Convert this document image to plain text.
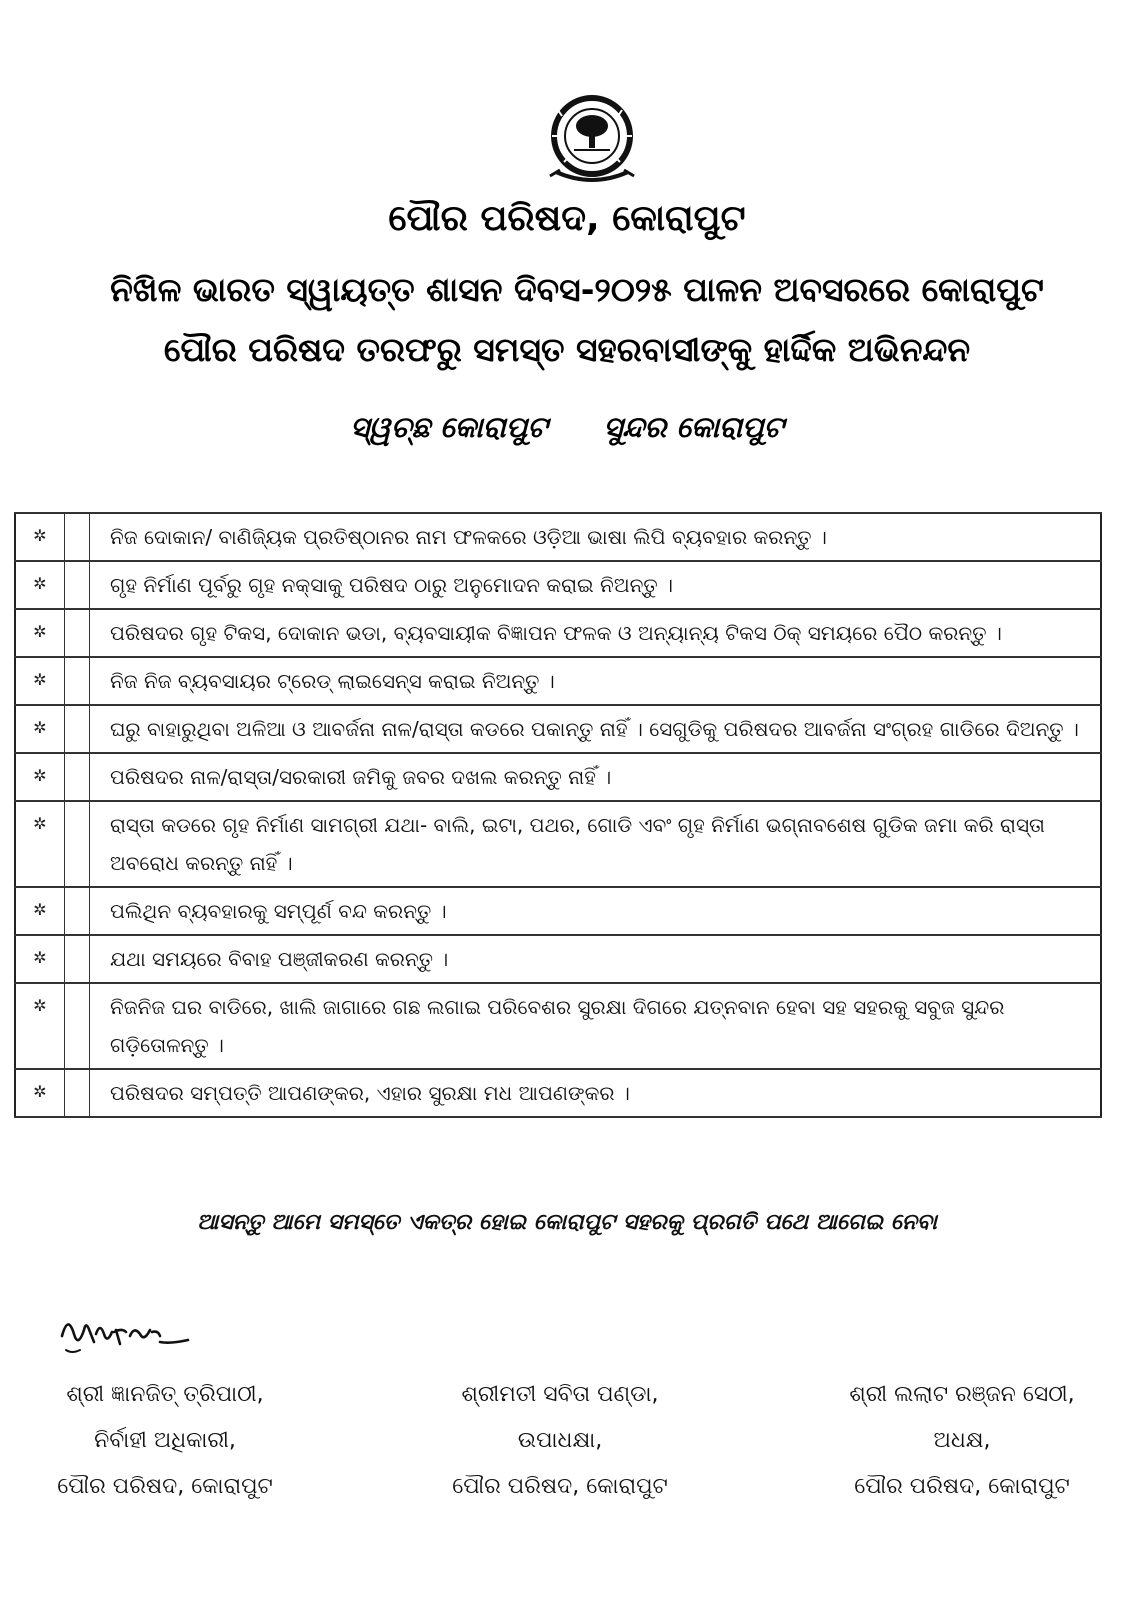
ପୌର ପରିଷଦ, କୋରାପୁଟ
ନିଖିଳ ଭାରତ ସ୍ୱାୟତ୍ତ ଶାସନ ଦିବସ-୨୦୨୫ ପାଳନ ଅବସରରେ କୋରାପୁଟ
ପୌର ପରିଷଦ ତରଫରୁ ସମସ୍ତ ସହରବାସୀଙ୍କୁ ହାର୍ଦ୍ଦିକ ଅଭିନନ୍ଦନ
ସ୍ୱଚ୍ଛ କୋରାପୁଟ ସୁନ୍ଦର କୋରାପୁଟ
✲		ନିଜ ଦୋକାନ/ ବାଣିଜ୍ୟିକ ପ୍ରତିଷ୍ଠାନର ନାମ ଫଳକରେ ଓଡ଼ିଆ ଭାଷା ଲିପି ବ୍ୟବହାର କରନ୍ତୁ ।
✲		ଗୃହ ନିର୍ମାଣ ପୂର୍ବରୁ ଗୃହ ନକ୍ସାକୁ ପରିଷଦ ଠାରୁ ଅନୁମୋଦନ କରାଇ ନିଅନ୍ତୁ ।
✲		ପରିଷଦର ଗୃହ ଟିକସ, ଦୋକାନ ଭଡା, ବ୍ୟବସାୟୀକ ବିଜ୍ଞାପନ ଫଳକ ଓ ଅନ୍ୟାନ୍ୟ ଟିକସ ଠିକ୍ ସମୟରେ ପୈଠ କରନ୍ତୁ ।
✲		ନିଜ ନିଜ ବ୍ୟବସାୟର ଟ୍ରେଡ୍ ଲାଇସେନ୍ସ କରାଇ ନିଅନ୍ତୁ ।
✲		ଘରୁ ବାହାରୁଥିବା ଅଳିଆ ଓ ଆବର୍ଜନା ନାଳ/ରାସ୍ତା କଡରେ ପକାନ୍ତୁ ନାହିଁ । ସେଗୁଡିକୁ ପରିଷଦର ଆବର୍ଜନା ସଂଗ୍ରହ ଗାଡିରେ ଦିଅନ୍ତୁ ।
✲		ପରିଷଦର ନାଳ/ରାସ୍ତା/ସରକାରୀ ଜମିକୁ ଜବର ଦଖଲ କରନ୍ତୁ ନାହିଁ ।
✲		ରାସ୍ତା କଡରେ ଗୃହ ନିର୍ମାଣ ସାମଗ୍ରୀ ଯଥା- ବାଲି, ଇଟା, ପଥର, ଗୋଡି ଏବଂ ଗୃହ ନିର୍ମାଣ ଭଗ୍ନାବଶେଷ ଗୁଡିକ ଜମା କରି ରାସ୍ତା ଅବରୋଧ କରନ୍ତୁ ନାହିଁ ।
✲		ପଲିଥିନ ବ୍ୟବହାରକୁ ସମ୍ପୂର୍ଣ ବନ୍ଦ କରନ୍ତୁ ।
✲		ଯଥା ସମୟରେ ବିବାହ ପଞ୍ଜୀକରଣ କରନ୍ତୁ ।
✲		ନିଜନିଜ ଘର ବାଡିରେ, ଖାଲି ଜାଗାରେ ଗଛ ଲଗାଇ ପରିବେଶର ସୁରକ୍ଷା ଦିଗରେ ଯତ୍ନବାନ ହେବା ସହ ସହରକୁ ସବୁଜ ସୁନ୍ଦର ଗଡ଼ିତୋଳନ୍ତୁ ।
✲		ପରିଷଦର ସମ୍ପତ୍ତି ଆପଣଙ୍କର, ଏହାର ସୁରକ୍ଷା ମଧ ଆପଣଙ୍କର ।
ଆସନ୍ତୁ ଆମେ ସମସ୍ତେ ଏକତ୍ର ହୋଇ କୋରାପୁଟ ସହରକୁ ପ୍ରଗତି ପଥେ ଆଗେଇ ନେବା
ଶ୍ରୀ ଜ୍ଞାନଜିତ୍ ତ୍ରିପାଠୀ,
ନିର୍ବାହୀ ଅଧିକାରୀ,
ପୌର ପରିଷଦ, କୋରାପୁଟ
ଶ୍ରୀମତୀ ସବିତା ପଣ୍ଡା,
ଉପାଧକ୍ଷା,
ପୌର ପରିଷଦ, କୋରାପୁଟ
ଶ୍ରୀ ଲଲାଟ ରଞ୍ଜନ ସେଠୀ,
ଅଧକ୍ଷ,
ପୌର ପରିଷଦ, କୋରାପୁଟ
